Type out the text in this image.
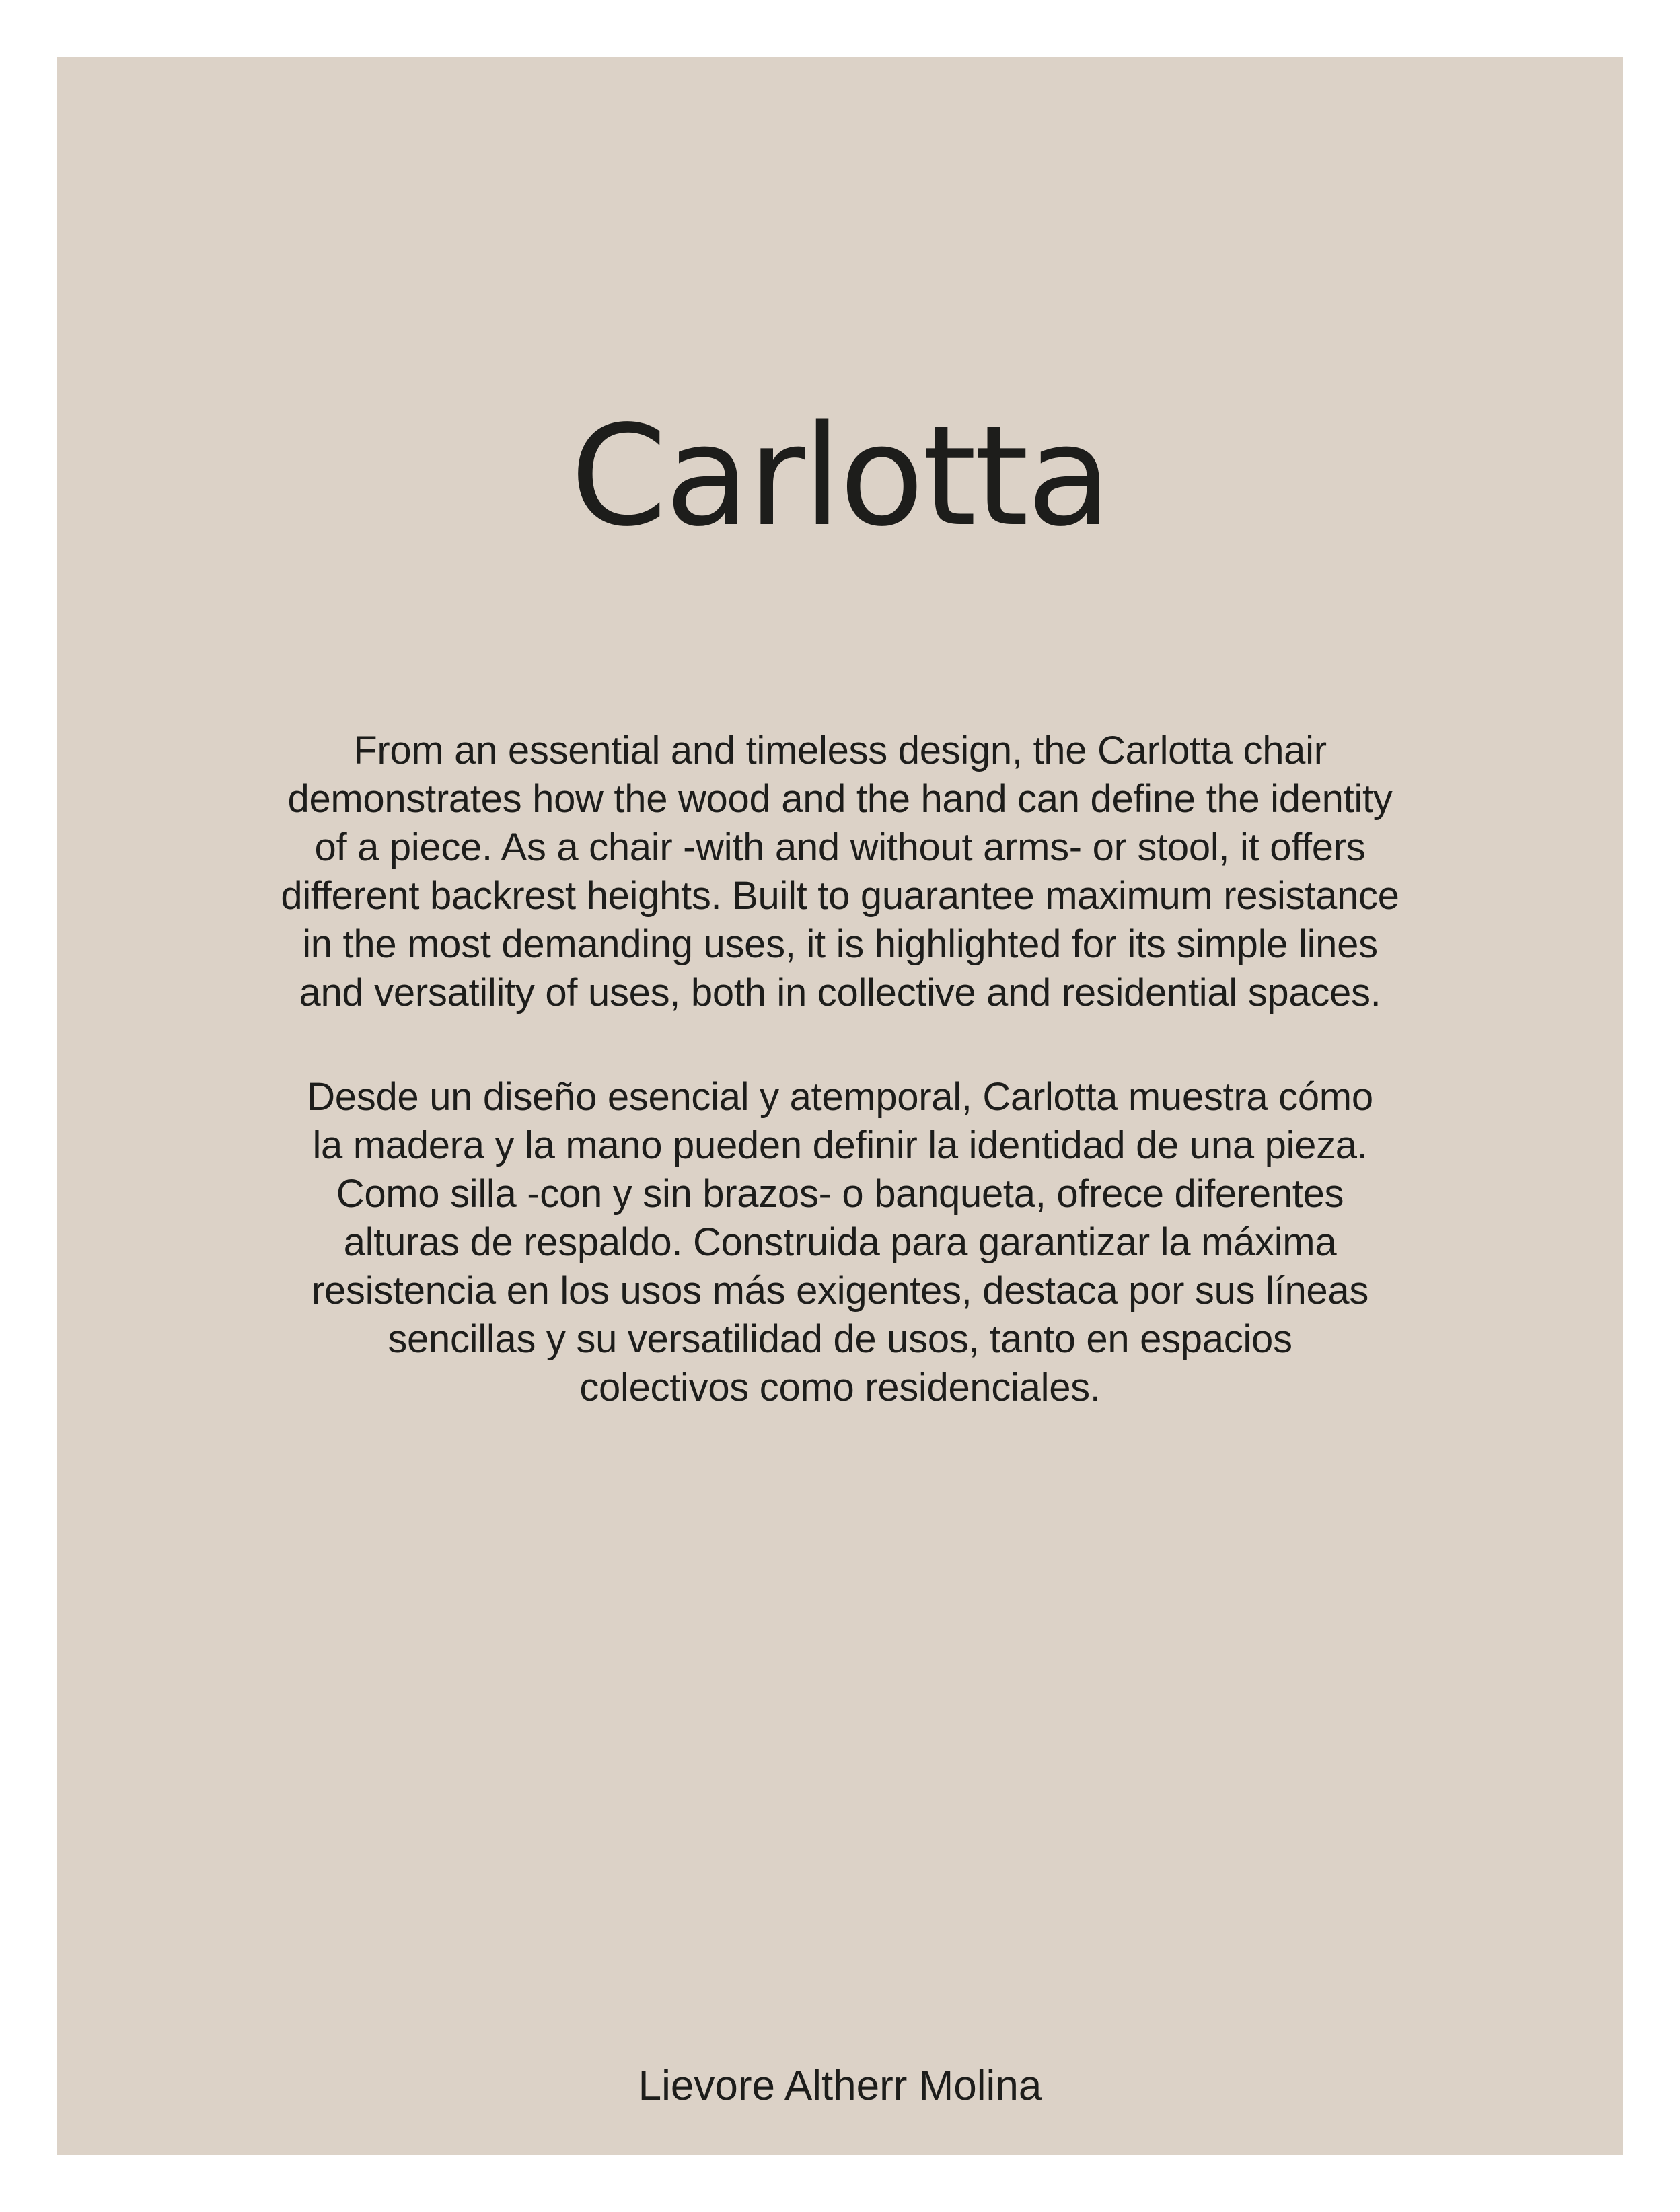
Carlotta

From an essential and timeless design, the Carlotta chair
demonstrates how the wood and the hand can define the identity
of a piece. As a chair -with and without arms- or stool, it offers
different backrest heights. Built to guarantee maximum resistance
in the most demanding uses, it is highlighted for its simple lines
and versatility of uses, both in collective and residential spaces.

Desde un diseño esencial y atemporal, Carlotta muestra cómo
la madera y la mano pueden definir la identidad de una pieza.
Como silla -con y sin brazos- o banqueta, ofrece diferentes
alturas de respaldo. Construida para garantizar la máxima
resistencia en los usos más exigentes, destaca por sus líneas
sencillas y su versatilidad de usos, tanto en espacios
colectivos como residenciales.

Lievore Altherr Molina
